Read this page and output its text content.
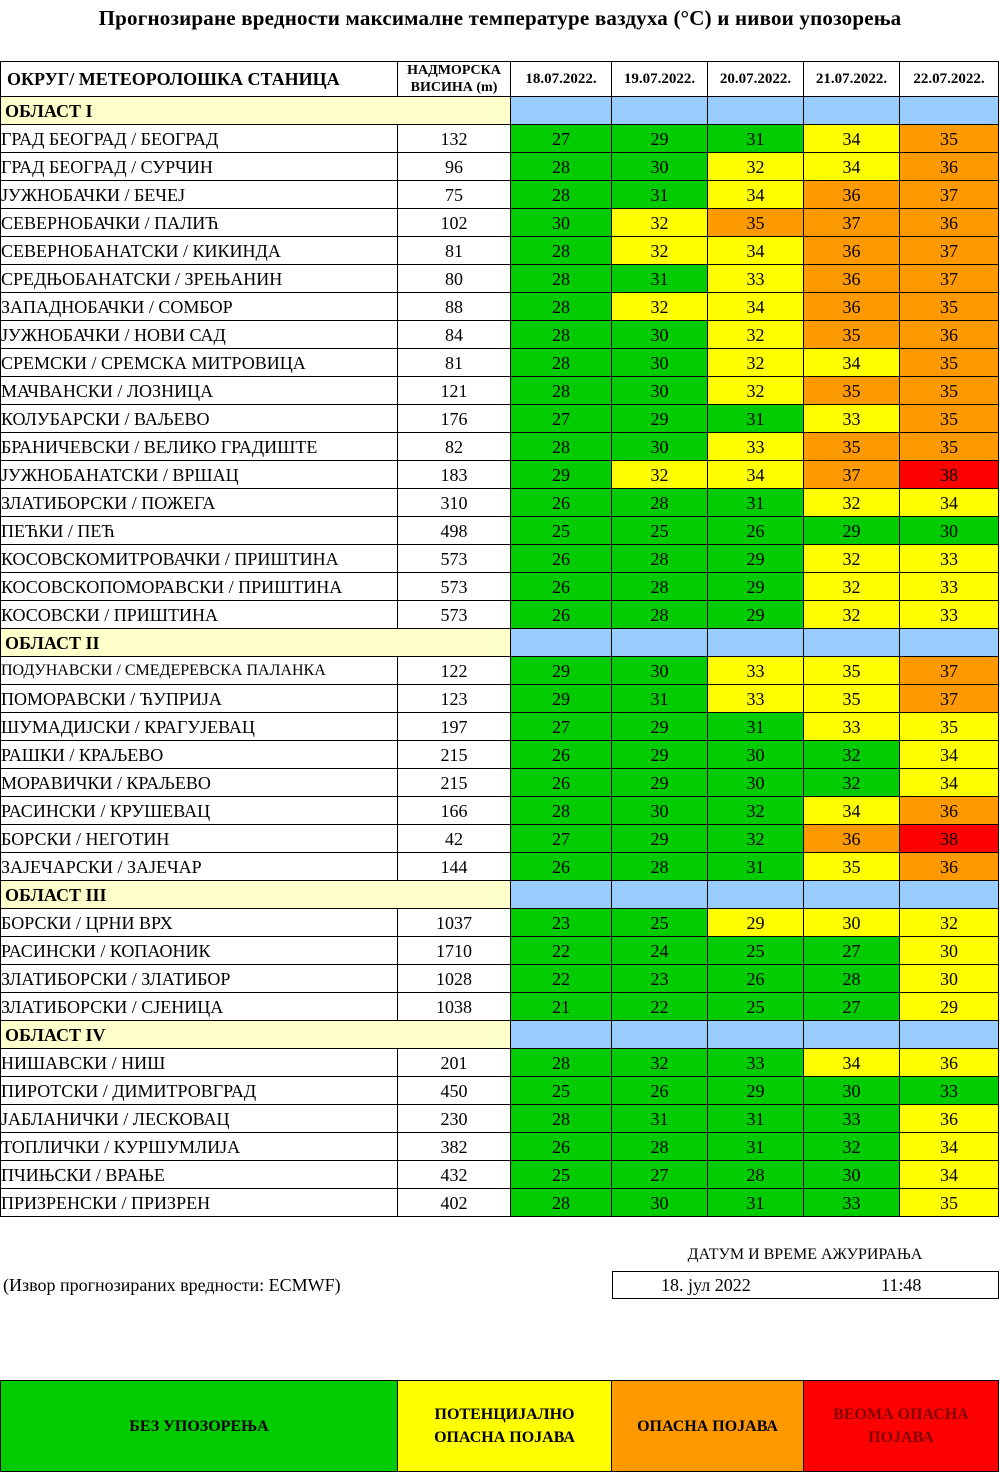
Прогнозиране вредности максималне температуре ваздуха (°C) и нивои упозорења
ОКРУГ/ МЕТЕОРОЛОШКА СТАНИЦА	НАДМОРСКА
ВИСИНА (m)	18.07.2022.	19.07.2022.	20.07.2022.	21.07.2022.	22.07.2022.
ОБЛАСТ I						
ГРАД БЕОГРАД / БЕОГРАД	132	27	29	31	34	35
ГРАД БЕОГРАД / СУРЧИН	96	28	30	32	34	36
ЈУЖНОБАЧКИ / БЕЧЕЈ	75	28	31	34	36	37
СЕВЕРНОБАЧКИ / ПАЛИЋ	102	30	32	35	37	36
СЕВЕРНОБАНАТСКИ / КИКИНДА	81	28	32	34	36	37
СРЕДЊОБАНАТСКИ / ЗРЕЊАНИН	80	28	31	33	36	37
ЗАПАДНОБАЧКИ / СОМБОР	88	28	32	34	36	35
ЈУЖНОБАЧКИ / НОВИ САД	84	28	30	32	35	36
СРЕМСКИ / СРЕМСКА МИТРОВИЦА	81	28	30	32	34	35
МАЧВАНСКИ / ЛОЗНИЦА	121	28	30	32	35	35
КОЛУБАРСКИ / ВАЉЕВО	176	27	29	31	33	35
БРАНИЧЕВСКИ / ВЕЛИКО ГРАДИШТЕ	82	28	30	33	35	35
ЈУЖНОБАНАТСКИ / ВРШАЦ	183	29	32	34	37	38
ЗЛАТИБОРСКИ / ПОЖЕГА	310	26	28	31	32	34
ПЕЋКИ / ПЕЋ	498	25	25	26	29	30
КОСОВСКОМИТРОВАЧКИ / ПРИШТИНА	573	26	28	29	32	33
КОСОВСКОПОМОРАВСКИ / ПРИШТИНА	573	26	28	29	32	33
КОСОВСКИ / ПРИШТИНА	573	26	28	29	32	33
ОБЛАСТ II						
ПОДУНАВСКИ / СМЕДЕРЕВСКА ПАЛАНКА	122	29	30	33	35	37
ПОМОРАВСКИ / ЋУПРИЈА	123	29	31	33	35	37
ШУМАДИЈСКИ / КРАГУЈЕВАЦ	197	27	29	31	33	35
РАШКИ / КРАЉЕВО	215	26	29	30	32	34
МОРАВИЧКИ / КРАЉЕВО	215	26	29	30	32	34
РАСИНСКИ / КРУШЕВАЦ	166	28	30	32	34	36
БОРСКИ / НЕГОТИН	42	27	29	32	36	38
ЗАЈЕЧАРСКИ / ЗАЈЕЧАР	144	26	28	31	35	36
ОБЛАСТ III						
БОРСКИ / ЦРНИ ВРХ	1037	23	25	29	30	32
РАСИНСКИ / КОПАОНИК	1710	22	24	25	27	30
ЗЛАТИБОРСКИ / ЗЛАТИБОР	1028	22	23	26	28	30
ЗЛАТИБОРСКИ / СЈЕНИЦА	1038	21	22	25	27	29
ОБЛАСТ IV						
НИШАВСКИ / НИШ	201	28	32	33	34	36
ПИРОТСКИ / ДИМИТРОВГРАД	450	25	26	29	30	33
ЈАБЛАНИЧКИ / ЛЕСКОВАЦ	230	28	31	31	33	36
ТОПЛИЧКИ / КУРШУМЛИЈА	382	26	28	31	32	34
ПЧИЊСКИ / ВРАЊЕ	432	25	27	28	30	34
ПРИЗРЕНСКИ / ПРИЗРЕН	402	28	30	31	33	35
ДАТУМ И ВРЕМЕ АЖУРИРАЊА
18. јул 2022	11:48
(Извор прогнозираних вредности: ECMWF)
БЕЗ УПОЗОРЕЊА	ПОТЕНЦИЈАЛНО
ОПАСНА ПОЈАВА	ОПАСНА ПОЈАВА	ВЕОМА ОПАСНА
ПОЈАВА
